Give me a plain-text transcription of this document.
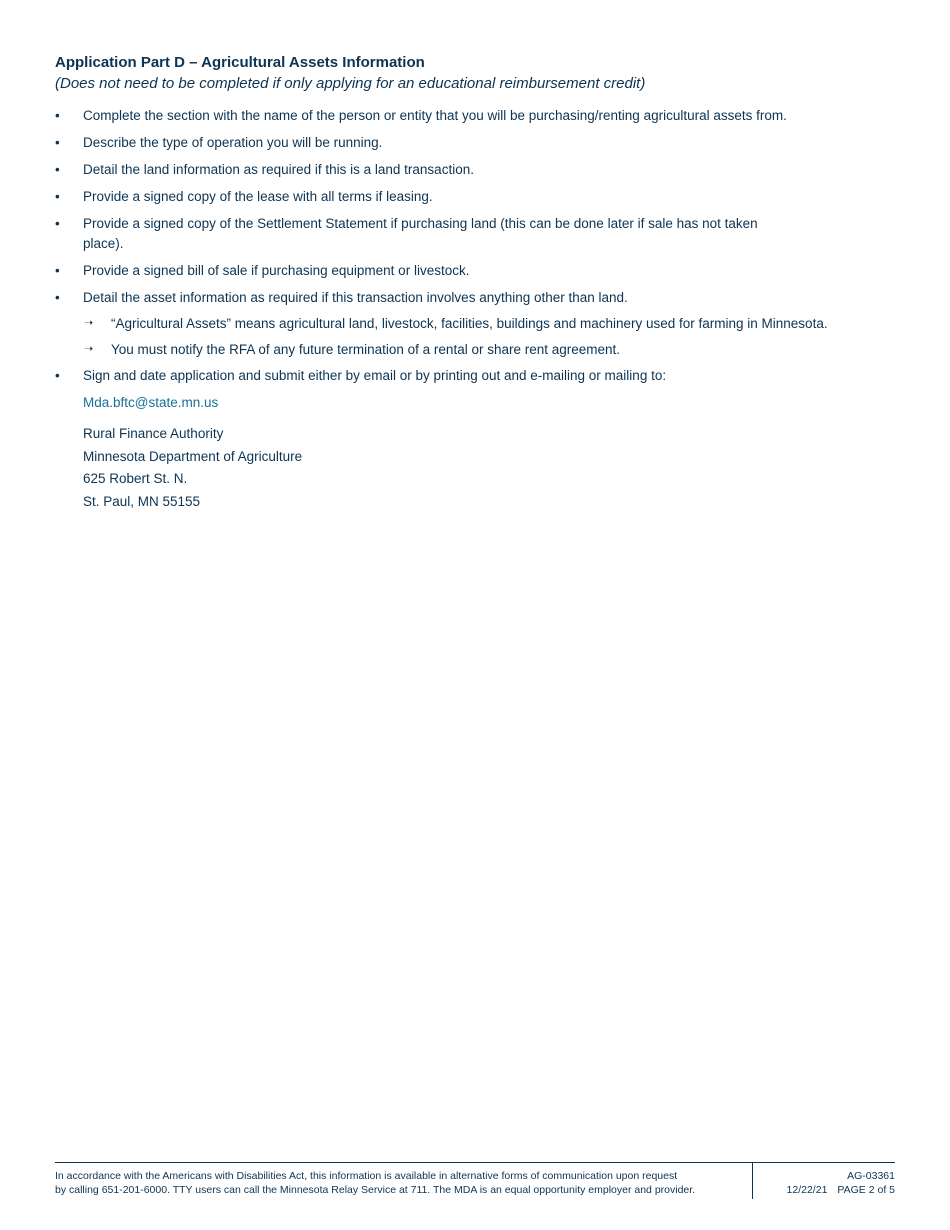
Application Part D – Agricultural Assets Information

(Does not need to be completed if only applying for an educational reimbursement credit)

•	Complete the section with the name of the person or entity that you will be purchasing/renting agricultural assets from.
•	Describe the type of operation you will be running.
•	Detail the land information as required if this is a land transaction.
•	Provide a signed copy of the lease with all terms if leasing.
•	Provide a signed copy of the Settlement Statement if purchasing land (this can be done later if sale has not taken place).
•	Provide a signed bill of sale if purchasing equipment or livestock.
•	Detail the asset information as required if this transaction involves anything other than land.
➝ “Agricultural Assets” means agricultural land, livestock, facilities, buildings and machinery used for farming in Minnesota.
➝ You must notify the RFA of any future termination of a rental or share rent agreement.
•	Sign and date application and submit either by email or by printing out and e-mailing or mailing to:
Mda.bftc@state.mn.us
Rural Finance Authority
Minnesota Department of Agriculture
625 Robert St. N.
St. Paul, MN 55155
In accordance with the Americans with Disabilities Act, this information is available in alternative forms of communication upon request
by calling 651-201-6000. TTY users can call the Minnesota Relay Service at 711. The MDA is an equal opportunity employer and provider.
AG-03361
12/22/21 PAGE 2 of 5
